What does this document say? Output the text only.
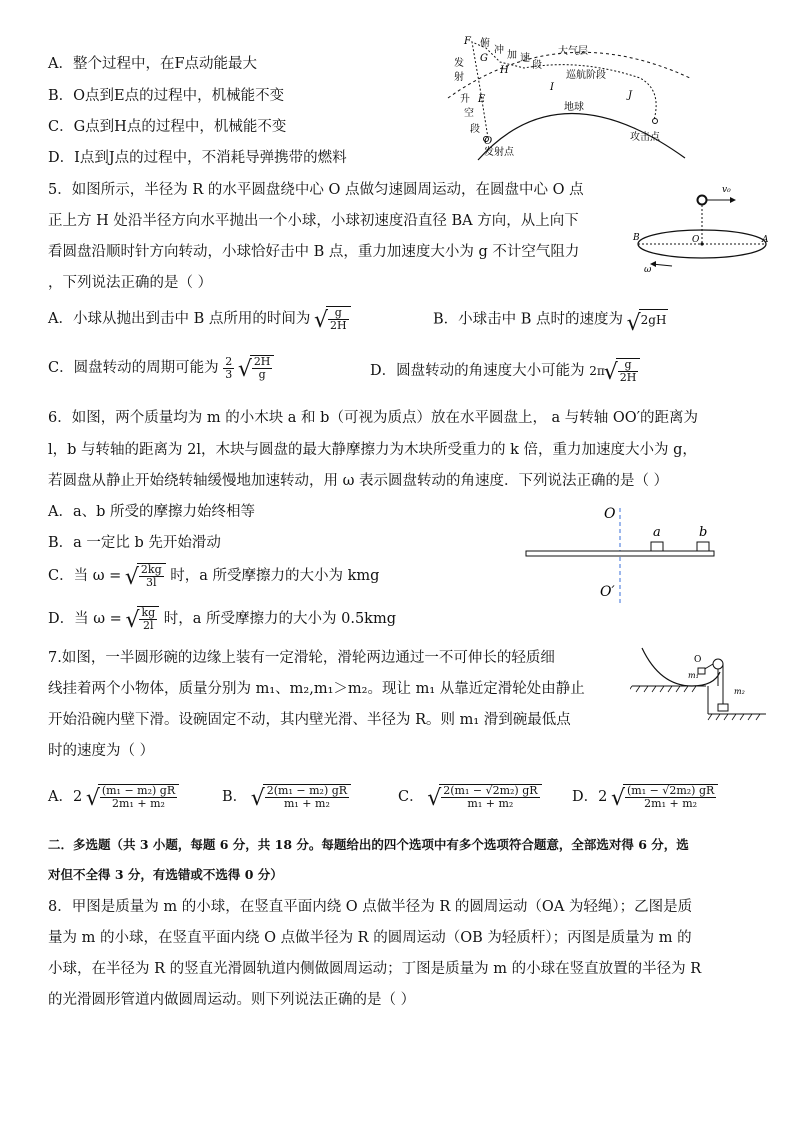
A．整个过程中，在F点动能最大
B．O点到E点的过程中，机械能不变
C．G点到H点的过程中，机械能不变
D．I点到J点的过程中，不消耗导弹携带的燃料
F 俯
冲
G 加 速
段
H
大气层
巡航阶段
I
J
地球
发
射
升 E
空
段
O
发射点
攻击点
5．如图所示，半径为 R 的水平圆盘绕中心 O 点做匀速圆周运动，在圆盘中心 O 点
正上方 H 处沿半径方向水平抛出一个小球，小球初速度沿直径 BA 方向，从上向下
看圆盘沿顺时针方向转动，小球恰好击中 B 点，重力加速度大小为 g 不计空气阻力
，下列说法正确的是（ ）
v₀
B	O	A
ω
A．小球从抛出到击中 B 点所用的时间为 √ $\frac{g}{2H}$	B．小球击中 B 点时的速度为 √ 2gH
C．圆盘转动的周期可能为 $\frac{2}{3}$
√ $\frac{2H}{g}$	D．圆盘转动的角速度大小可能为 2π √ $\frac{g}{2H}$
6．如图，两个质量均为 m 的小木块 a 和 b（可视为质点）放在水平圆盘上， a 与转轴 OO′的距离为
l，b 与转轴的距离为 2l，木块与圆盘的最大静摩擦力为木块所受重力的 k 倍，重力加速度大小为 g，
若圆盘从静止开始绕转轴缓慢地加速转动，用 ω 表示圆盘转动的角速度．下列说法正确的是（ ）
A．a、b 所受的摩擦力始终相等
B．a 一定比 b 先开始滑动
C．当 ω = √ $\frac{2kg}{3l}$ 时，a 所受摩擦力的大小为 kmg
D．当 ω = √ $\frac{kg}{2l}$ 时，a 所受摩擦力的大小为 0.5kmg
O
O′
a	b
7.如图，一半圆形碗的边缘上装有一定滑轮，滑轮两边通过一不可伸长的轻质细
线挂着两个小物体，质量分别为 m₁、m₂,m₁＞m₂。现让 m₁ 从靠近定滑轮处由静止
开始沿碗内壁下滑。设碗固定不动，其内壁光滑、半径为 R。则 m₁ 滑到碗最低点
时的速度为（ ）
O
m₁
m₂
A．2 √ $\frac{\text{(m₁ − m₂) gR}}{\text{2m₁ + m₂}}$	B． √ $\frac{\text{2(m₁ − m₂) gR}}{\text{m₁ + m₂}}$	C． √ $\frac{\text{2(m₁ − √2m₂) gR}}{\text{m₁ + m₂}}$ D．2 √ $\frac{\text{(m₁ − √2m₂) gR}}{\text{2m₁ + m₂}}$
二．多选题（共 3 小题，每题 6 分，共 18 分。每题给出的四个选项中有多个选项符合题意，全部选对得 6 分，选
对但不全得 3 分，有选错或不选得 0 分）
8．甲图是质量为 m 的小球，在竖直平面内绕 O 点做半径为 R 的圆周运动（OA 为轻绳）；乙图是质
量为 m 的小球，在竖直平面内绕 O 点做半径为 R 的圆周运动（OB 为轻质杆）；丙图是质量为 m 的
小球，在半径为 R 的竖直光滑圆轨道内侧做圆周运动；丁图是质量为 m 的小球在竖直放置的半径为 R
的光滑圆形管道内做圆周运动。则下列说法正确的是（ ）
